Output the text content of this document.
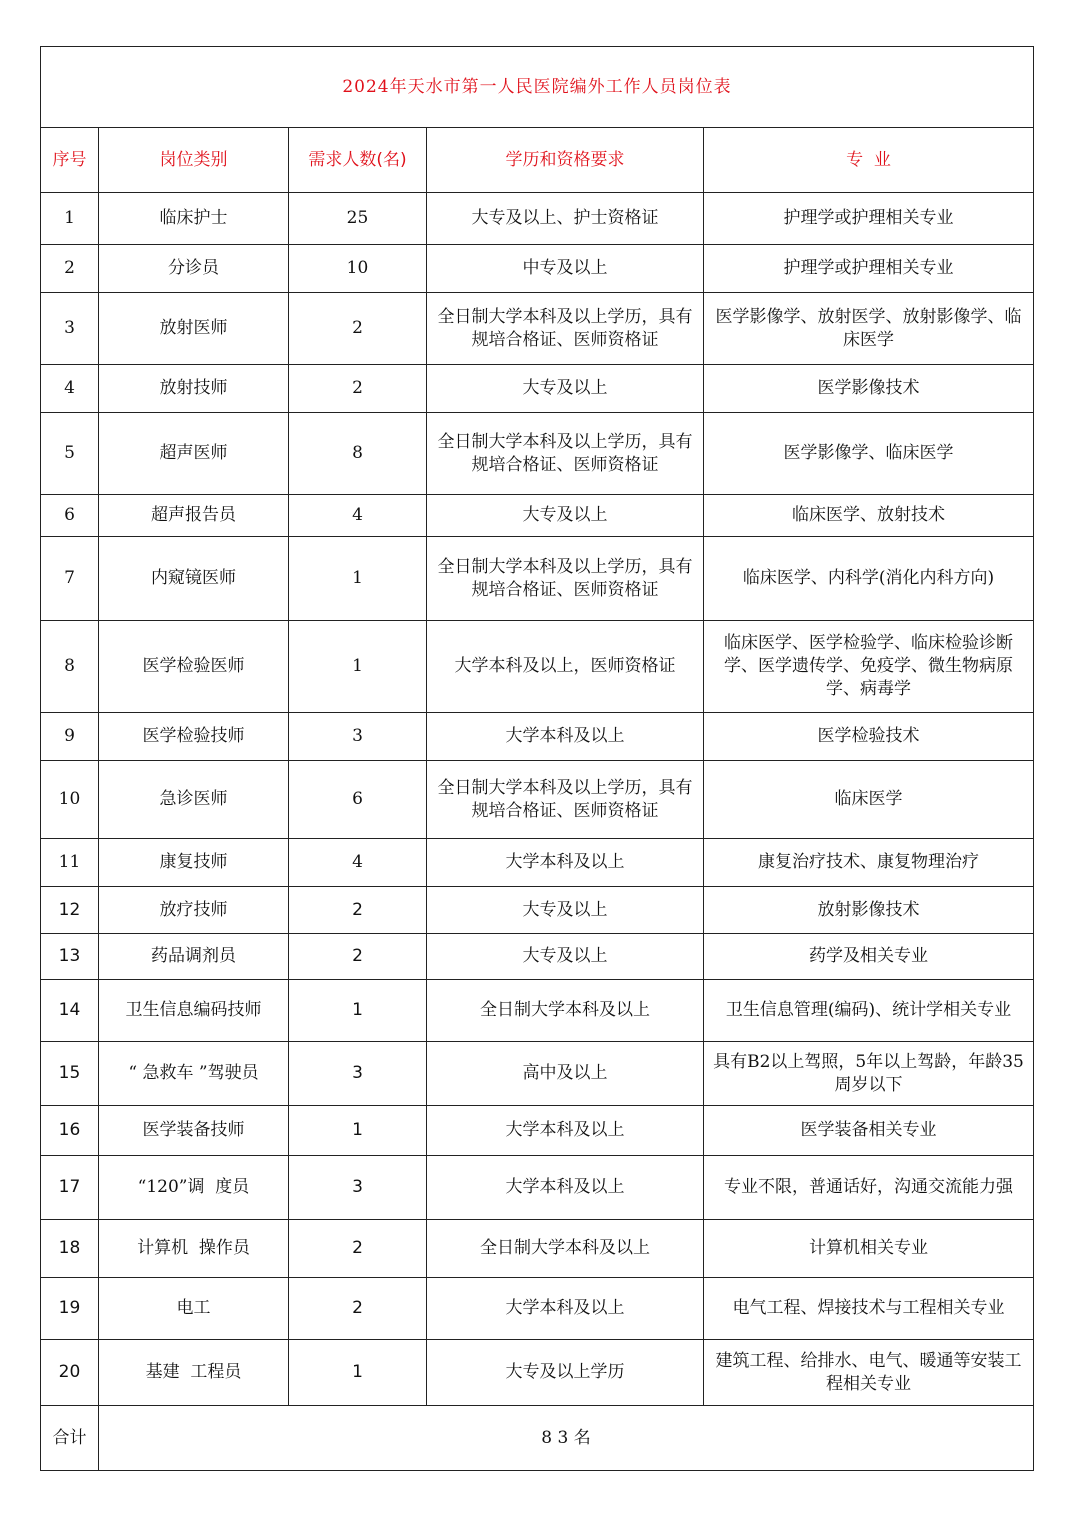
2024年天水市第一人民医院编外工作人员岗位表				
序号	岗位类别	需求人数(名)	学历和资格要求	专  业
1	临床护士	25	大专及以上、护士资格证	护理学或护理相关专业
2	分诊员	10	中专及以上	护理学或护理相关专业
3	放射医师	2	全日制大学本科及以上学历，具有规培合格证、医师资格证	医学影像学、放射医学、放射影像学、临床医学
4	放射技师	2	大专及以上	医学影像技术
5	超声医师	8	全日制大学本科及以上学历，具有规培合格证、医师资格证	医学影像学、临床医学
6	超声报告员	4	大专及以上	临床医学、放射技术
7	内窥镜医师	1	全日制大学本科及以上学历，具有规培合格证、医师资格证	临床医学、内科学(消化内科方向)
8	医学检验医师	1	大学本科及以上，医师资格证	临床医学、医学检验学、临床检验诊断学、医学遗传学、免疫学、微生物病原学、病毒学
9	医学检验技师	3	大学本科及以上	医学检验技术
10	急诊医师	6	全日制大学本科及以上学历，具有规培合格证、医师资格证	临床医学
11	康复技师	4	大学本科及以上	康复治疗技术、康复物理治疗
12	放疗技师	2	大专及以上	放射影像技术
13	药品调剂员	2	大专及以上	药学及相关专业
14	卫生信息编码技师	1	全日制大学本科及以上	卫生信息管理(编码)、统计学相关专业
15	“ 急救车 ”驾驶员	3	高中及以上	具有B2以上驾照，5年以上驾龄，年龄35周岁以下
16	医学装备技师	1	大学本科及以上	医学装备相关专业
17	“120”调  度员	3	大学本科及以上	专业不限，普通话好，沟通交流能力强
18	计算机  操作员	2	全日制大学本科及以上	计算机相关专业
19	电工	2	大学本科及以上	电气工程、焊接技术与工程相关专业
20	基建  工程员	1	大专及以上学历	建筑工程、给排水、电气、暖通等安装工程相关专业
合计	8 3 名			
